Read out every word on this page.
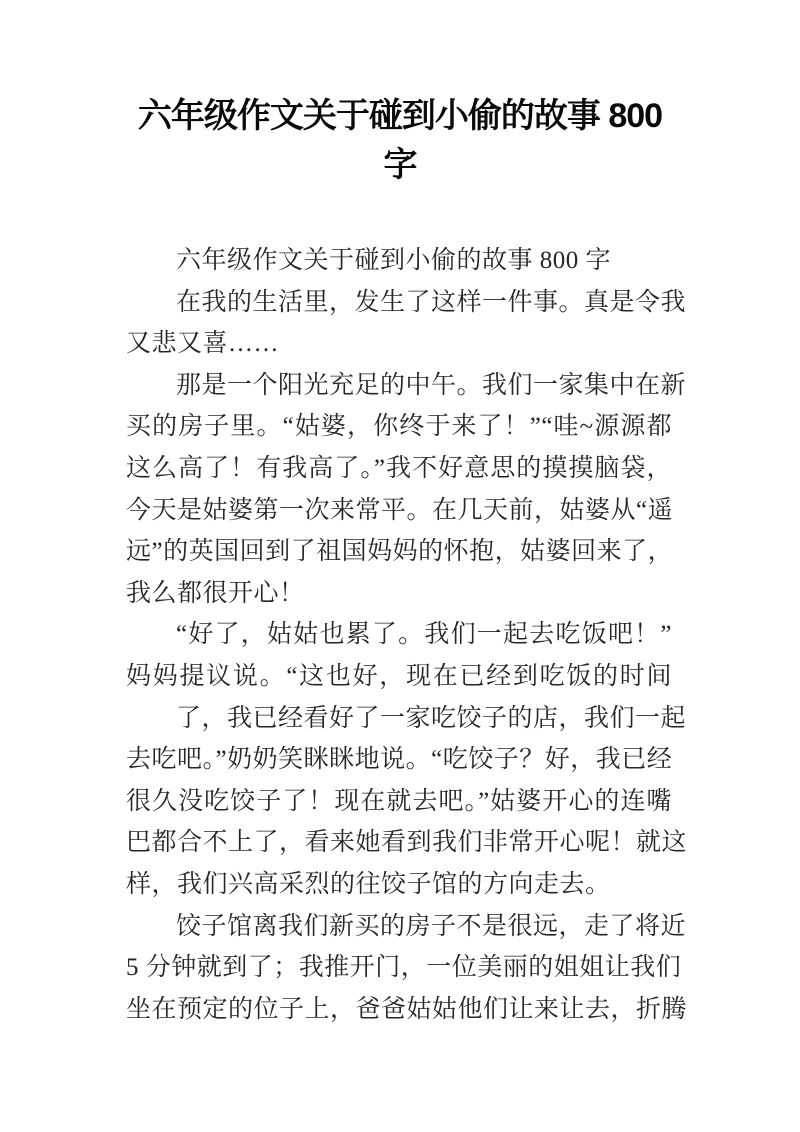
六年级作文关于碰到小偷的故事 800
字
六年级作文关于碰到小偷的故事 800 字
在我的生活里，发生了这样一件事。真是令我
又悲又喜……
那是一个阳光充足的中午。我们一家集中在新
买的房子里。“姑婆，你终于来了！”“哇~源源都
这么高了！有我高了。”我不好意思的摸摸脑袋，
今天是姑婆第一次来常平。在几天前，姑婆从“遥
远”的英国回到了祖国妈妈的怀抱，姑婆回来了，
我么都很开心！
“好了，姑姑也累了。我们一起去吃饭吧！”
妈妈提议说。“这也好，现在已经到吃饭的时间
了，我已经看好了一家吃饺子的店，我们一起
去吃吧。”奶奶笑眯眯地说。“吃饺子？好，我已经
很久没吃饺子了！现在就去吧。”姑婆开心的连嘴
巴都合不上了，看来她看到我们非常开心呢！就这
样，我们兴高采烈的往饺子馆的方向走去。
饺子馆离我们新买的房子不是很远，走了将近
5 分钟就到了；我推开门，一位美丽的姐姐让我们
坐在预定的位子上，爸爸姑姑他们让来让去，折腾
